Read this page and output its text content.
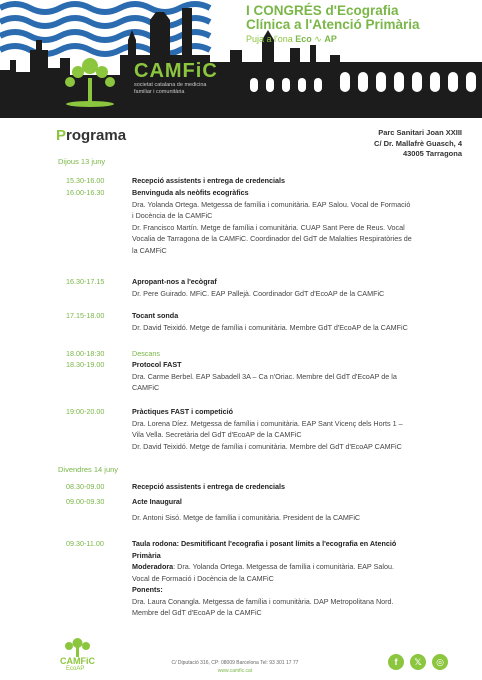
CAMFiC
societat catalana de medicina
familiar i comunitària
I CONGRÉS d'Ecografia
Clínica a l'Atenció Primària
Puja a l'ona Eco ∿ AP
Programa	Parc Sanitari Joan XXIII
C/ Dr. Mallafrè Guasch, 4
43005 Tarragona
Dijous 13 juny
15.30-16.00	Recepció assistents i entrega de credencials
16.00-16.30	Benvinguda als neòfits ecogràfics
Dra. Yolanda Ortega. Metgessa de família i comunitària. EAP Salou. Vocal de Formació
i Docència de la CAMFiC
Dr. Francisco Martín. Metge de família i comunitària. CUAP Sant Pere de Reus. Vocal
Vocalia de Tarragona de la CAMFiC. Coordinador del GdT de Malalties Respiratòries de
la CAMFiC
16.30-17.15	Apropant-nos a l'ecògraf
Dr. Pere Guirado. MFiC. EAP Pallejà. Coordinador GdT d'EcoAP de la CAMFiC
17.15-18.00	Tocant sonda
Dr. David Teixidó. Metge de família i comunitària. Membre GdT d'EcoAP de la CAMFiC
18.00-18:30	Descans
18.30-19.00	Protocol FAST
Dra. Carme Berbel. EAP Sabadell 3A – Ca n'Oriac. Membre del GdT d'EcoAP de la
CAMFiC
19:00-20.00	Pràctiques FAST i competició
Dra. Lorena Díez. Metgessa de família i comunitària. EAP Sant Vicenç dels Horts 1 –
Vila Vella. Secretària del GdT d'EcoAP de la CAMFiC
Dr. David Teixidó. Metge de família i comunitària. Membre del GdT d'EcoAP CAMFiC
Divendres 14 juny
08.30-09.00	Recepció assistents i entrega de credencials
09.00-09.30	Acte Inaugural
Dr. Antoni Sisó. Metge de família i comunitària. President de la CAMFiC
09.30-11.00	Taula rodona: Desmitificant l'ecografia i posant límits a l'ecografia en Atenció
Primària
Moderadora: Dra. Yolanda Ortega. Metgessa de família i comunitària. EAP Salou.
Vocal de Formació i Docència de la CAMFiC
Ponents:
Dra. Laura Conangla. Metgessa de família i comunitària. DAP Metropolitana Nord.
Membre del GdT d'EcoAP de la CAMFiC
CAMFiC
EcoAP
C/ Diputació 316, CP: 08009 Barcelona Tel: 93 301 17 77
www.camfic.cat
f	𝕏	◎
